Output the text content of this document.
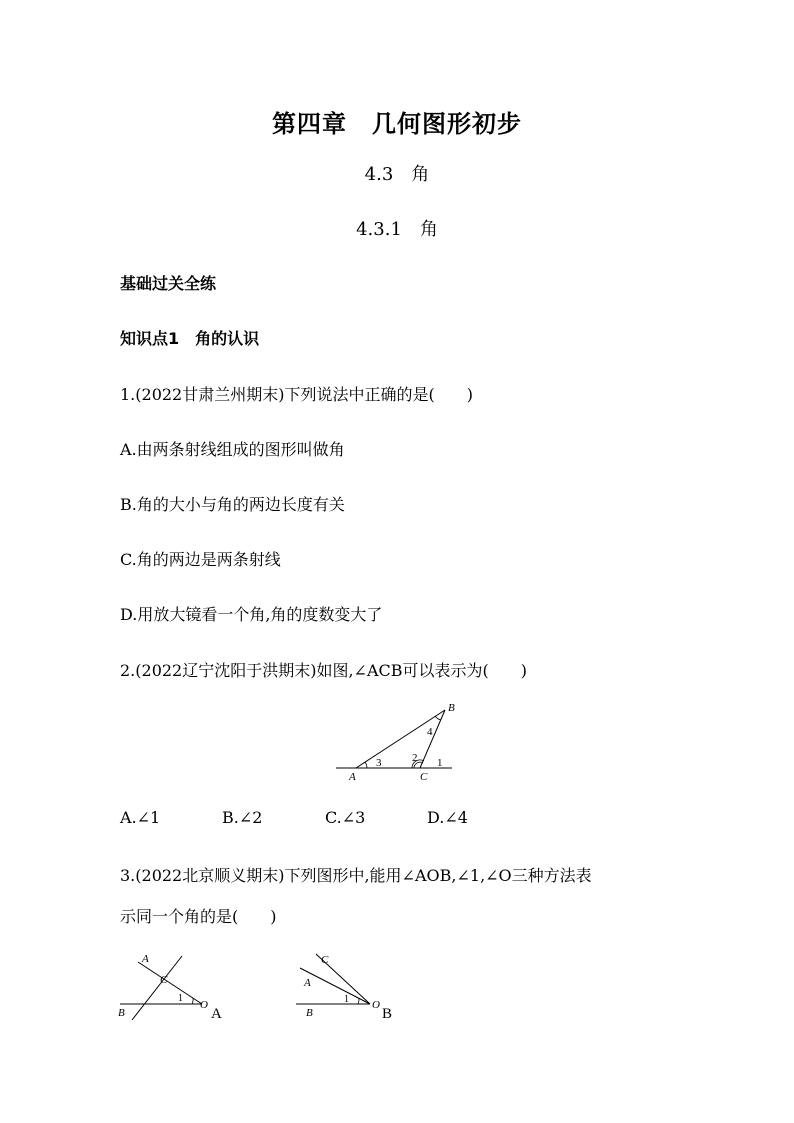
第四章　几何图形初步
4.3　角
4.3.1　角
基础过关全练
知识点1　角的认识
1.(2022甘肃兰州期末)下列说法中正确的是(　　)
A.由两条射线组成的图形叫做角
B.角的大小与角的两边长度有关
C.角的两边是两条射线
D.用放大镜看一个角,角的度数变大了
2.(2022辽宁沈阳于洪期末)如图,∠ACB可以表示为(　　)
A
B
C
1
2
3
4
A.∠1	B.∠2	C.∠3	D.∠4
3.(2022北京顺义期末)下列图形中,能用∠AOB,∠1,∠O三种方法表
示同一个角的是(　　)
A
B
C
O
1
A
C
A
B
O
1
B
